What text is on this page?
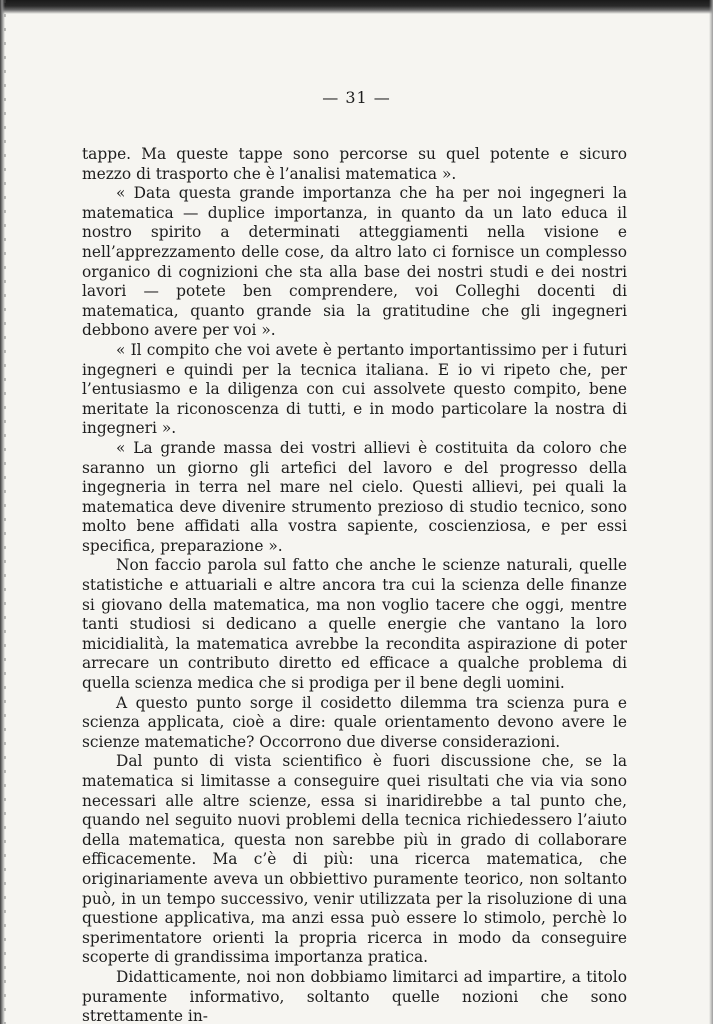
— 31 —

tappe. Ma queste tappe sono percorse su quel potente e sicuro mezzo di trasporto che è l’analisi matematica ».

« Data questa grande importanza che ha per noi ingegneri la matematica — duplice importanza, in quanto da un lato educa il nostro spirito a determinati atteggiamenti nella visione e nell’apprezzamento delle cose, da altro lato ci fornisce un complesso organico di cognizioni che sta alla base dei nostri studi e dei nostri lavori — potete ben comprendere, voi Colleghi docenti di matematica, quanto grande sia la gratitudine che gli ingegneri debbono avere per voi ».

« Il compito che voi avete è pertanto importantissimo per i futuri ingegneri e quindi per la tecnica italiana. E io vi ripeto che, per l’entusiasmo e la diligenza con cui assolvete questo compito, bene meritate la riconoscenza di tutti, e in modo particolare la nostra di ingegneri ».

« La grande massa dei vostri allievi è costituita da coloro che saranno un giorno gli artefici del lavoro e del progresso della ingegneria in terra nel mare nel cielo. Questi allievi, pei quali la matematica deve divenire strumento prezioso di studio tecnico, sono molto bene affidati alla vostra sapiente, coscienziosa, e per essi specifica, preparazione ».

Non faccio parola sul fatto che anche le scienze naturali, quelle statistiche e attuariali e altre ancora tra cui la scienza delle finanze si giovano della matematica, ma non voglio tacere che oggi, mentre tanti studiosi si dedicano a quelle energie che vantano la loro micidialità, la matematica avrebbe la recondita aspirazione di poter arrecare un contributo diretto ed efficace a qualche problema di quella scienza medica che si prodiga per il bene degli uomini.

A questo punto sorge il cosidetto dilemma tra scienza pura e scienza applicata, cioè a dire: quale orientamento devono avere le scienze matematiche? Occorrono due diverse considerazioni.

Dal punto di vista scientifico è fuori discussione che, se la matematica si limitasse a conseguire quei risultati che via via sono necessari alle altre scienze, essa si inaridirebbe a tal punto che, quando nel seguito nuovi problemi della tecnica richiedessero l’aiuto della matematica, questa non sarebbe più in grado di collaborare efficacemente. Ma c’è di più: una ricerca matematica, che originariamente aveva un obbiettivo puramente teorico, non soltanto può, in un tempo successivo, venir utilizzata per la risoluzione di una questione applicativa, ma anzi essa può essere lo stimolo, perchè lo sperimentatore orienti la propria ricerca in modo da conseguire scoperte di grandissima importanza pratica.

Didatticamente, noi non dobbiamo limitarci ad impartire, a titolo puramente informativo, soltanto quelle nozioni che sono strettamente in-
